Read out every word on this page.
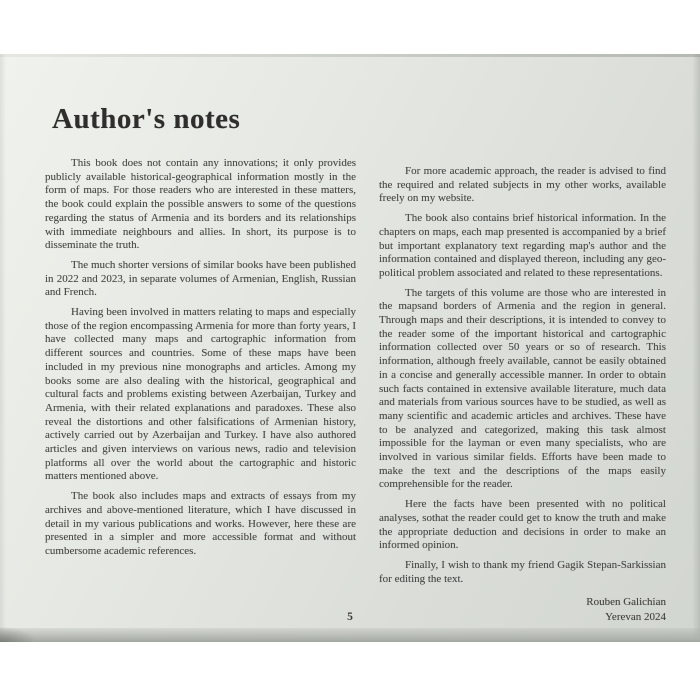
Author's notes

This book does not contain any innovations; it only provides publicly available historical-geographical information mostly in the form of maps. For those readers who are interested in these matters, the book could explain the possible answers to some of the questions regarding the status of Armenia and its borders and its relationships with immediate neighbours and allies. In short, its purpose is to disseminate the truth.

The much shorter versions of similar books have been published in 2022 and 2023, in separate volumes of Armenian, English, Russian and French.

Having been involved in matters relating to maps and especially those of the region encompassing Armenia for more than forty years, I have collected many maps and cartographic information from different sources and countries. Some of these maps have been included in my previous nine monographs and articles. Among my books some are also dealing with the historical, geographical and cultural facts and problems existing between Azerbaijan, Turkey and Armenia, with their related explanations and paradoxes. These also reveal the distortions and other falsifications of Armenian history, actively carried out by Azerbaijan and Turkey. I have also authored articles and given interviews on various news, radio and television platforms all over the world about the cartographic and historic matters mentioned above.

The book also includes maps and extracts of essays from my archives and above-mentioned literature, which I have discussed in detail in my various publications and works. However, here these are presented in a simpler and more accessible format and without cumbersome academic references.

For more academic approach, the reader is advised to find the required and related subjects in my other works, available freely on my website.

The book also contains brief historical information. In the chapters on maps, each map presented is accompanied by a brief but important explanatory text regarding map's author and the information contained and displayed thereon, including any geo-political problem associated and related to these representations.

The targets of this volume are those who are interested in the mapsand borders of Armenia and the region in general. Through maps and their descriptions, it is intended to convey to the reader some of the important historical and cartographic information collected over 50 years or so of research. This information, although freely available, cannot be easily obtained in a concise and generally accessible manner. In order to obtain such facts contained in extensive available literature, much data and materials from various sources have to be studied, as well as many scientific and academic articles and archives. These have to be analyzed and categorized, making this task almost impossible for the layman or even many specialists, who are involved in various similar fields. Efforts have been made to make the text and the descriptions of the maps easily comprehensible for the reader.

Here the facts have been presented with no political analyses, sothat the reader could get to know the truth and make the appropriate deduction and decisions in order to make an informed opinion.

Finally, I wish to thank my friend Gagik Stepan-Sarkissian for editing the text.

Rouben Galichian
Yerevan 2024
5
